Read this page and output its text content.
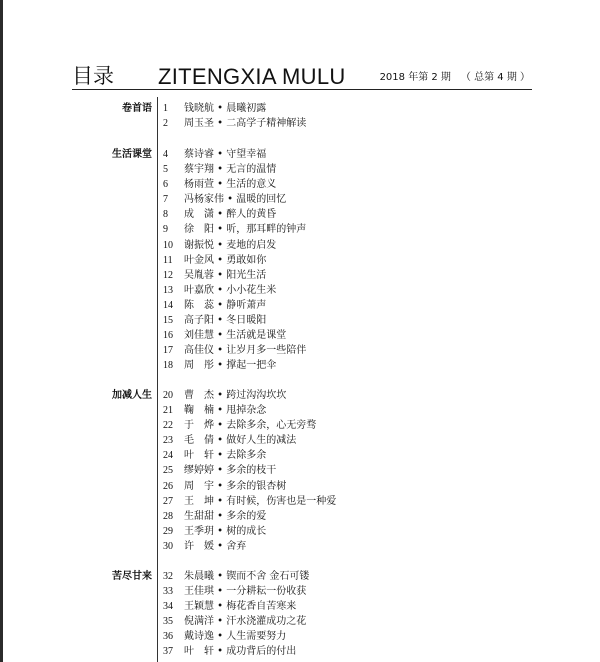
目录 ZITENGXIA MULU	2018 年第 2 期 （ 总第 4 期 ）
卷首语 1 钱晓航 • 晨曦初露
2 周玉圣 • 二高学子精神解读
生活课堂 4 蔡诗睿 • 守望幸福
5 蔡宇翔 • 无言的温情
6 杨雨萱 • 生活的意义
7 冯杨家伟 • 温暖的回忆
8 成　潇 • 醉人的黄昏
9 徐　阳 • 听，那耳畔的钟声
10 谢振悦 • 麦地的启发
11 叶金风 • 勇敢如你
12 吴胤蓉 • 阳光生活
13 叶嘉欣 • 小小花生米
14 陈　蕊 • 静听萧声
15 高子阳 • 冬日暖阳
16 刘佳慧 • 生活就是课堂
17 高佳仪 • 让岁月多一些陪伴
18 周　彤 • 撑起一把伞
加减人生 20 曹　杰 • 跨过沟沟坎坎
21 鞠　楠 • 甩掉杂念
22 于　烨 • 去除多余，心无旁骛
23 毛　倩 • 做好人生的减法
24 叶　轩 • 去除多余
25 缪婷婷 • 多余的枝干
26 周　宇 • 多余的银杏树
27 王　坤 • 有时候，伤害也是一种爱
28 生甜甜 • 多余的爱
29 王季玥 • 树的成长
30 许　媛 • 舍弃
苦尽甘来 32 朱晨曦 • 锲而不舍 金石可镂
33 王佳琪 • 一分耕耘一份收获
34 王颖慧 • 梅花香自苦寒来
35 倪满洋 • 汗水浇灌成功之花
36 戴诗逸 • 人生需要努力
37 叶　轩 • 成功背后的付出
